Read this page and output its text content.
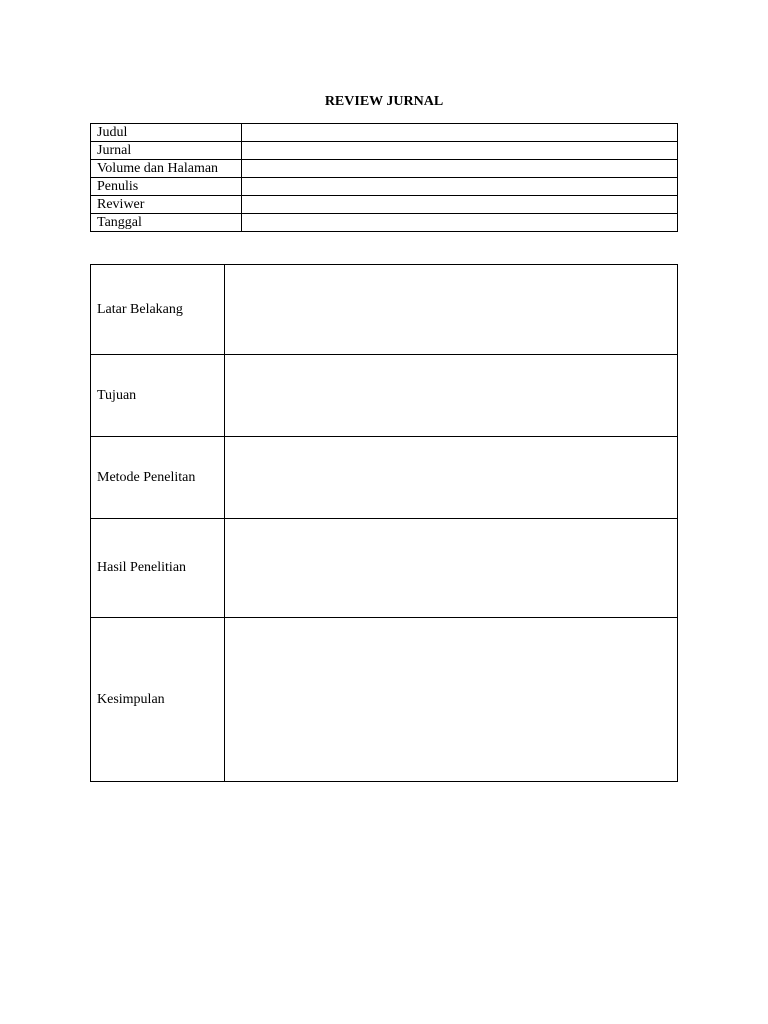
REVIEW JURNAL
Judul	
Jurnal	
Volume dan Halaman	
Penulis	
Reviwer	
Tanggal	
Latar Belakang	
Tujuan	
Metode Penelitan	
Hasil Penelitian	
Kesimpulan	
